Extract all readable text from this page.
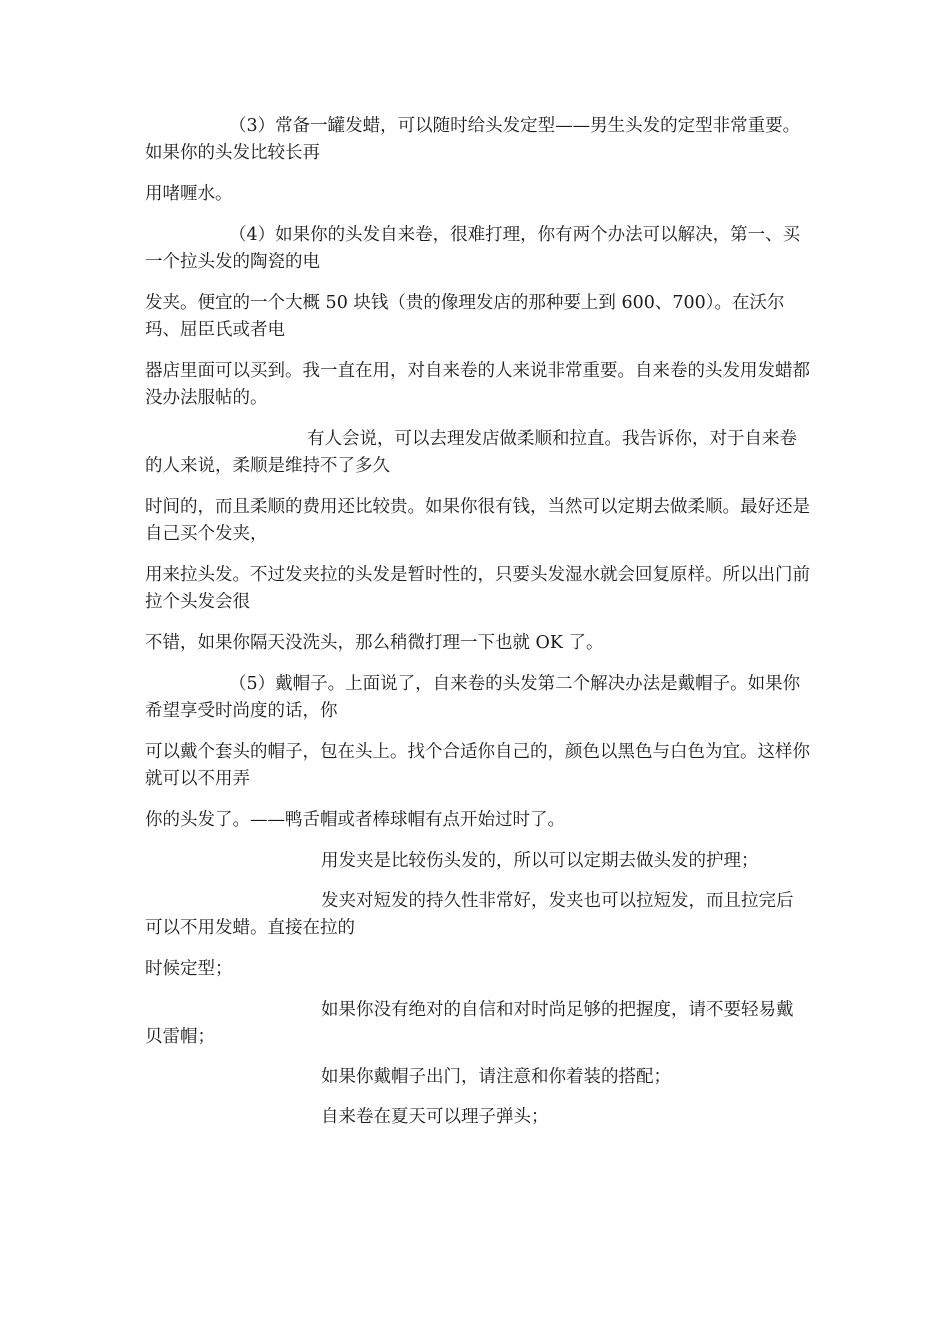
（3）常备一罐发蜡，可以随时给头发定型——男生头发的定型非常重要。如果你的头发比较长再

用啫喱水。

（4）如果你的头发自来卷，很难打理，你有两个办法可以解决，第一、买一个拉头发的陶瓷的电

发夹。便宜的一个大概 50 块钱（贵的像理发店的那种要上到 600、700）。在沃尔玛、屈臣氏或者电

器店里面可以买到。我一直在用，对自来卷的人来说非常重要。自来卷的头发用发蜡都没办法服帖的。

有人会说，可以去理发店做柔顺和拉直。我告诉你，对于自来卷的人来说，柔顺是维持不了多久

时间的，而且柔顺的费用还比较贵。如果你很有钱，当然可以定期去做柔顺。最好还是自己买个发夹，

用来拉头发。不过发夹拉的头发是暂时性的，只要头发湿水就会回复原样。所以出门前拉个头发会很

不错，如果你隔天没洗头，那么稍微打理一下也就 OK 了。

（5）戴帽子。上面说了，自来卷的头发第二个解决办法是戴帽子。如果你希望享受时尚度的话，你

可以戴个套头的帽子，包在头上。找个合适你自己的，颜色以黑色与白色为宜。这样你就可以不用弄

你的头发了。——鸭舌帽或者棒球帽有点开始过时了。

用发夹是比较伤头发的，所以可以定期去做头发的护理；

发夹对短发的持久性非常好，发夹也可以拉短发，而且拉完后可以不用发蜡。直接在拉的

时候定型；

如果你没有绝对的自信和对时尚足够的把握度，请不要轻易戴贝雷帽；

如果你戴帽子出门，请注意和你着装的搭配；

自来卷在夏天可以理子弹头；
